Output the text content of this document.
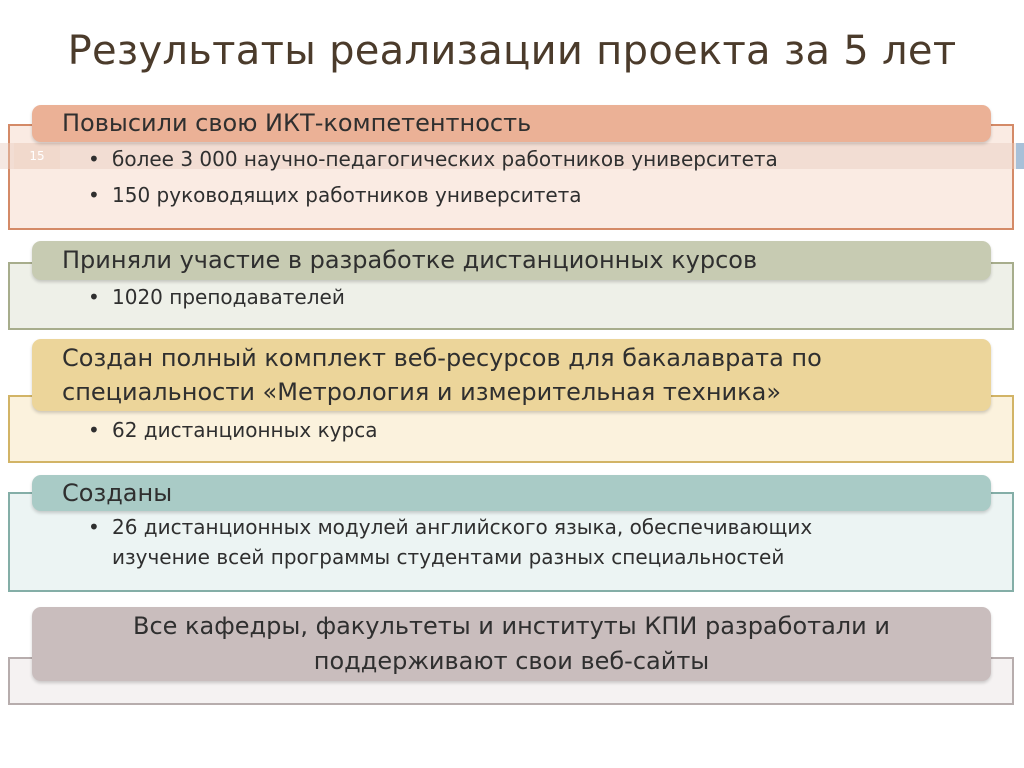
Результаты реализации проекта за 5 лет
15
Повысили свою ИКТ-компетентность
• более 3 000 научно-педагогических работников университета
• 150 руководящих работников университета
Приняли участие в разработке дистанционных курсов
• 1020 преподавателей
Создан полный комплект веб-ресурсов для бакалаврата по
специальности «Метрология и измерительная техника»
• 62 дистанционных курса
Созданы
• 26 дистанционных модулей английского языка, обеспечивающих
изучение всей программы студентами разных специальностей
Все кафедры, факультеты и институты КПИ разработали и
поддерживают свои веб-сайты
